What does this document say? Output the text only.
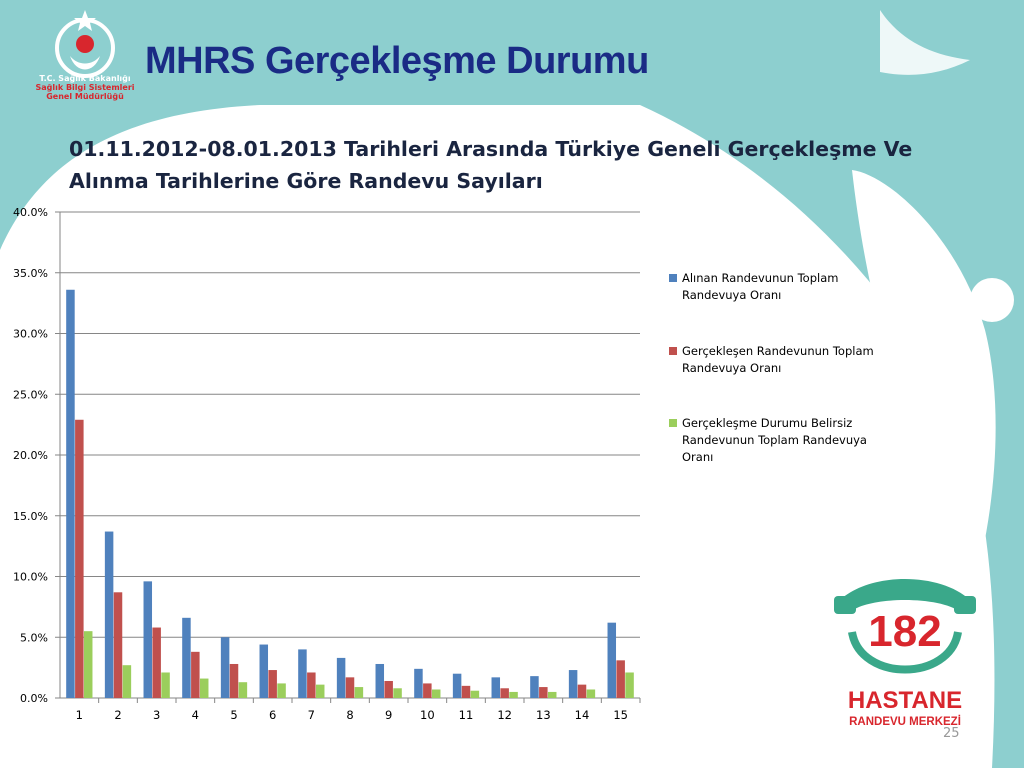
T.C. Sağlık Bakanlığı
Sağlık Bilgi Sistemleri
Genel Müdürlüğü
MHRS Gerçekleşme Durumu
01.11.2012-08.01.2013 Tarihleri Arasında Türkiye Geneli Gerçekleşme Ve Alınma Tarihlerine Göre Randevu Sayıları
0.0%
5.0%
10.0%
15.0%
20.0%
25.0%
30.0%
35.0%
40.0%
1	2	3	4	5	6	7	8	9 10 11 12 13 14 15
Alınan Randevunun Toplam Randevuya Oranı
Gerçekleşen Randevunun Toplam Randevuya Oranı
Gerçekleşme Durumu Belirsiz Randevunun Toplam Randevuya Oranı
182
HASTANE
RANDEVU MERKEZİ
25
